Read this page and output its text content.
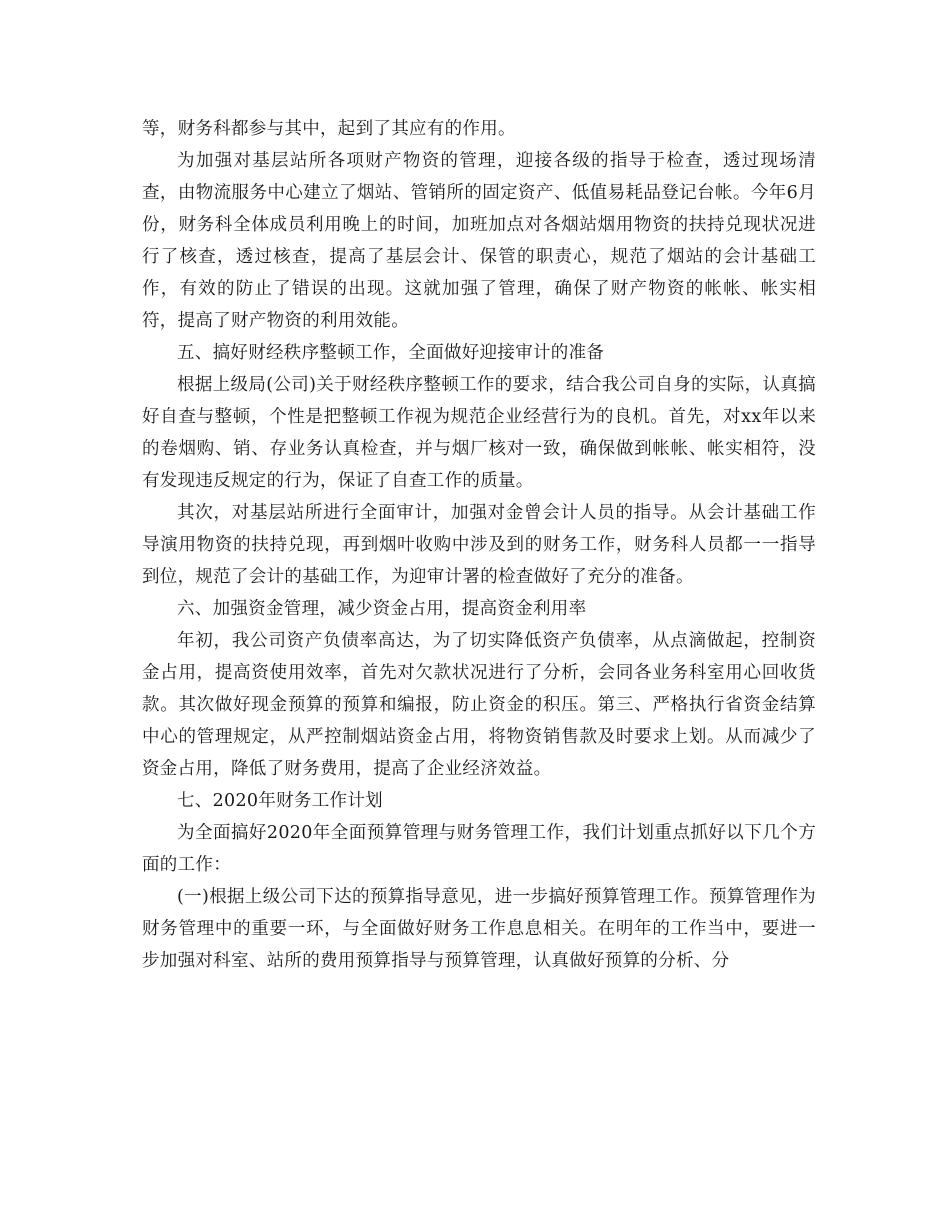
等，财务科都参与其中，起到了其应有的作用。

为加强对基层站所各项财产物资的管理，迎接各级的指导于检查，透过现场清查，由物流服务中心建立了烟站、管销所的固定资产、低值易耗品登记台帐。今年6月份，财务科全体成员利用晚上的时间，加班加点对各烟站烟用物资的扶持兑现状况进行了核查，透过核查，提高了基层会计、保管的职责心，规范了烟站的会计基础工作，有效的防止了错误的出现。这就加强了管理，确保了财产物资的帐帐、帐实相符，提高了财产物资的利用效能。

五、搞好财经秩序整顿工作，全面做好迎接审计的准备

根据上级局(公司)关于财经秩序整顿工作的要求，结合我公司自身的实际，认真搞好自查与整顿，个性是把整顿工作视为规范企业经营行为的良机。首先，对xx年以来的卷烟购、销、存业务认真检查，并与烟厂核对一致，确保做到帐帐、帐实相符，没有发现违反规定的行为，保证了自查工作的质量。

其次，对基层站所进行全面审计，加强对金曾会计人员的指导。从会计基础工作导演用物资的扶持兑现，再到烟叶收购中涉及到的财务工作，财务科人员都一一指导到位，规范了会计的基础工作，为迎审计署的检查做好了充分的准备。

六、加强资金管理，减少资金占用，提高资金利用率

年初，我公司资产负债率高达，为了切实降低资产负债率，从点滴做起，控制资金占用，提高资使用效率，首先对欠款状况进行了分析，会同各业务科室用心回收货款。其次做好现金预算的预算和编报，防止资金的积压。第三、严格执行省资金结算中心的管理规定，从严控制烟站资金占用，将物资销售款及时要求上划。从而减少了资金占用，降低了财务费用，提高了企业经济效益。

七、2020年财务工作计划

为全面搞好2020年全面预算管理与财务管理工作，我们计划重点抓好以下几个方面的工作：

(一)根据上级公司下达的预算指导意见，进一步搞好预算管理工作。预算管理作为财务管理中的重要一环，与全面做好财务工作息息相关。在明年的工作当中，要进一步加强对科室、站所的费用预算指导与预算管理，认真做好预算的分析、分
